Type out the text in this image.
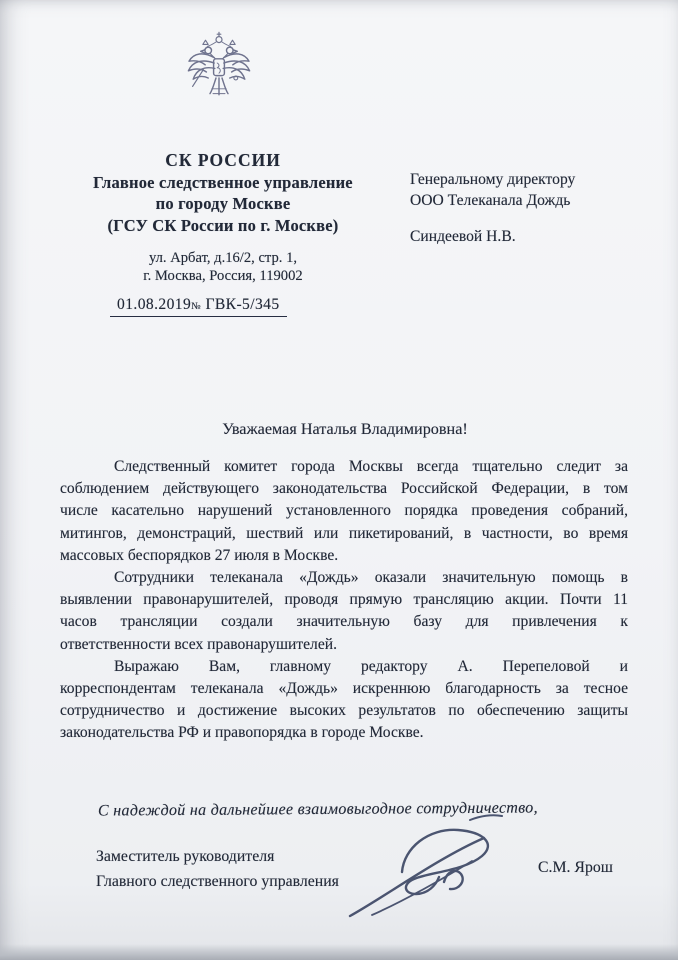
СК РОССИИ
Главное следственное управление
по городу Москве
(ГСУ СК России по г. Москве)
ул. Арбат, д.16/2, стр. 1,
г. Москва, Россия, 119002
01.08.2019№ ГВК-5/345
Генеральному директору
ООО Телеканала Дождь
Синдеевой Н.В.
Уважаемая Наталья Владимировна!
Следственный комитет города Москвы всегда тщательно следит за
соблюдением действующего законодательства Российской Федерации, в том
числе касательно нарушений установленного порядка проведения собраний,
митингов, демонстраций, шествий или пикетирований, в частности, во время
массовых беспорядков 27 июля в Москве.
Сотрудники телеканала «Дождь» оказали значительную помощь в
выявлении правонарушителей, проводя прямую трансляцию акции. Почти 11
часов трансляции создали значительную базу для привлечения к
ответственности всех правонарушителей.
Выражаю Вам, главному редактору А. Перепеловой и
корреспондентам телеканала «Дождь» искреннюю благодарность за тесное
сотрудничество и достижение высоких результатов по обеспечению защиты
законодательства РФ и правопорядка в городе Москве.
С надеждой на дальнейшее взаимовыгодное сотрудничество,
Заместитель руководителя
Главного следственного управления
С.М. Ярош
